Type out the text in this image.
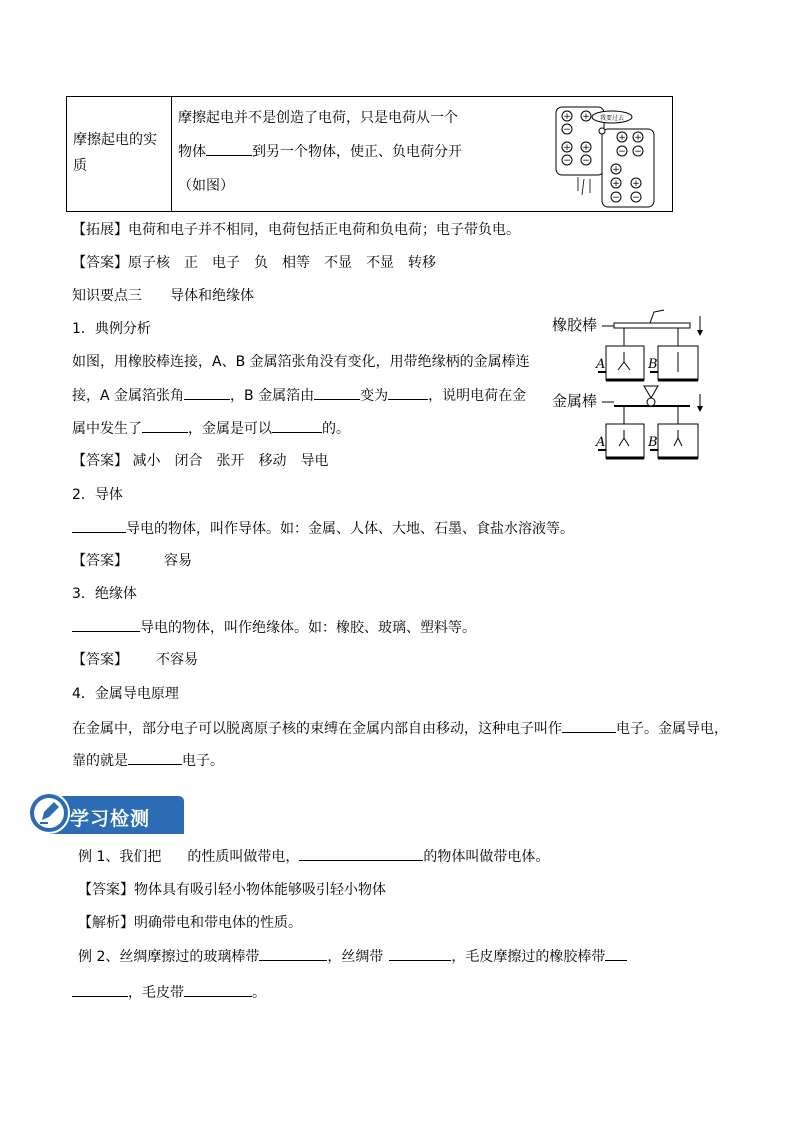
摩擦起电的实
质

摩擦起电并不是创造了电荷，只是电荷从一个
物体	到另一个物体，使正、负电荷分开
（如图）
+ +
−
+ +
− −
+ +
− −
+
+ +
− −
我要过去
【拓展】电荷和电子并不相同，电荷包括正电荷和负电荷；电子带负电。
【答案】原子核　正　电子　负　相等　不显　不显　转移
知识要点三　　导体和绝缘体
1．典例分析
如图，用橡胶棒连接，A、B 金属箔张角没有变化，用带绝缘柄的金属棒连
接，A 金属箔张角	，B 金属箔由	变为	，说明电荷在金
属中发生了	，金属是可以	的。
【答案】 减小　闭合　张开　移动　导电
橡胶棒
A	B
金属棒
A	B
2．导体
导电的物体，叫作导体。如：金属、人体、大地、石墨、食盐水溶液等。
【答案】	容易
3．绝缘体
导电的物体，叫作绝缘体。如：橡胶、玻璃、塑料等。
【答案】 不容易
4．金属导电原理
在金属中，部分电子可以脱离原子核的束缚在金属内部自由移动，这种电子叫作	电子。金属导电，
靠的就是	电子。
学习检测
例 1、我们把 的性质叫做带电，	的物体叫做带电体。
【答案】物体具有吸引轻小物体能够吸引轻小物体
【解析】明确带电和带电体的性质。
例 2、丝绸摩擦过的玻璃棒带	，丝绸带	，毛皮摩擦过的橡胶棒带
，毛皮带	。
